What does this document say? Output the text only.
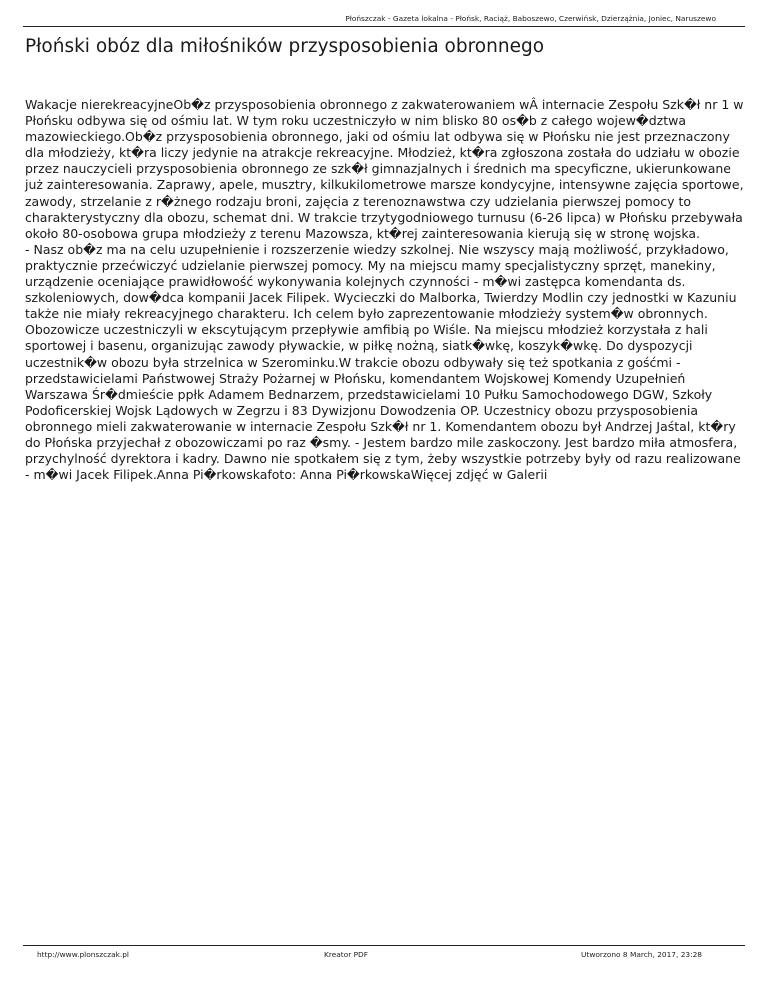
Płońszczak - Gazeta lokalna - Płońsk, Raciąż, Baboszewo, Czerwińsk, Dzierzążnia, Joniec, Naruszewo
Płoński obóz dla miłośników przysposobienia obronnego

Wakacje nierekreacyjneOb�z przysposobienia obronnego z zakwaterowaniem wÂ internacie Zespołu Szk�ł nr 1 w Płońsku odbywa się od ośmiu lat. W tym roku uczestniczyło w nim blisko 80 os�b z całego wojew�dztwa mazowieckiego.Ob�z przysposobienia obronnego, jaki od ośmiu lat odbywa się w Płońsku nie jest przeznaczony dla młodzieży, kt�ra liczy jedynie na atrakcje rekreacyjne. Młodzież, kt�ra zgłoszona została do udziału w obozie przez nauczycieli przysposobienia obronnego ze szk�ł gimnazjalnych i średnich ma specyficzne, ukierunkowane już zainteresowania. Zaprawy, apele, musztry, kilkukilometrowe marsze kondycyjne, intensywne zajęcia sportowe, zawody, strzelanie z r�żnego rodzaju broni, zajęcia z terenoznawstwa czy udzielania pierwszej pomocy to charakterystyczny dla obozu, schemat dni. W trakcie trzytygodniowego turnusu (6-26 lipca) w Płońsku przebywała około 80-osobowa grupa młodzieży z terenu Mazowsza, kt�rej zainteresowania kierują się w stronę wojska.

- Nasz ob�z ma na celu uzupełnienie i rozszerzenie wiedzy szkolnej. Nie wszyscy mają możliwość, przykładowo, praktycznie przećwiczyć udzielanie pierwszej pomocy. My na miejscu mamy specjalistyczny sprzęt, manekiny, urządzenie oceniające prawidłowość wykonywania kolejnych czynności - m�wi zastępca komendanta ds. szkoleniowych, dow�dca kompanii Jacek Filipek. Wycieczki do Malborka, Twierdzy Modlin czy jednostki w Kazuniu także nie miały rekreacyjnego charakteru. Ich celem było zaprezentowanie młodzieży system�w obronnych. Obozowicze uczestniczyli w ekscytującym przepływie amfibią po Wiśle. Na miejscu młodzież korzystała z hali sportowej i basenu, organizując zawody pływackie, w piłkę nożną, siatk�wkę, koszyk�wkę. Do dyspozycji uczestnik�w obozu była strzelnica w Szerominku.W trakcie obozu odbywały się też spotkania z gośćmi - przedstawicielami Państwowej Straży Pożarnej w Płońsku, komendantem Wojskowej Komendy Uzupełnień Warszawa Śr�dmieście ppłk Adamem Bednarzem, przedstawicielami 10 Pułku Samochodowego DGW, Szkoły Podoficerskiej Wojsk Lądowych w Zegrzu i 83 Dywizjonu Dowodzenia OP. Uczestnicy obozu przysposobienia obronnego mieli zakwaterowanie w internacie Zespołu Szk�ł nr 1. Komendantem obozu był Andrzej Jaśtal, kt�ry do Płońska przyjechał z obozowiczami po raz �smy. - Jestem bardzo mile zaskoczony. Jest bardzo miła atmosfera, przychylność dyrektora i kadry. Dawno nie spotkałem się z tym, żeby wszystkie potrzeby były od razu realizowane - m�wi Jacek Filipek.Anna Pi�rkowskafoto: Anna Pi�rkowskaWięcej zdjęć w Galerii

http://www.plonszczak.pl	Kreator PDF	Utworzono 8 March, 2017, 23:28
